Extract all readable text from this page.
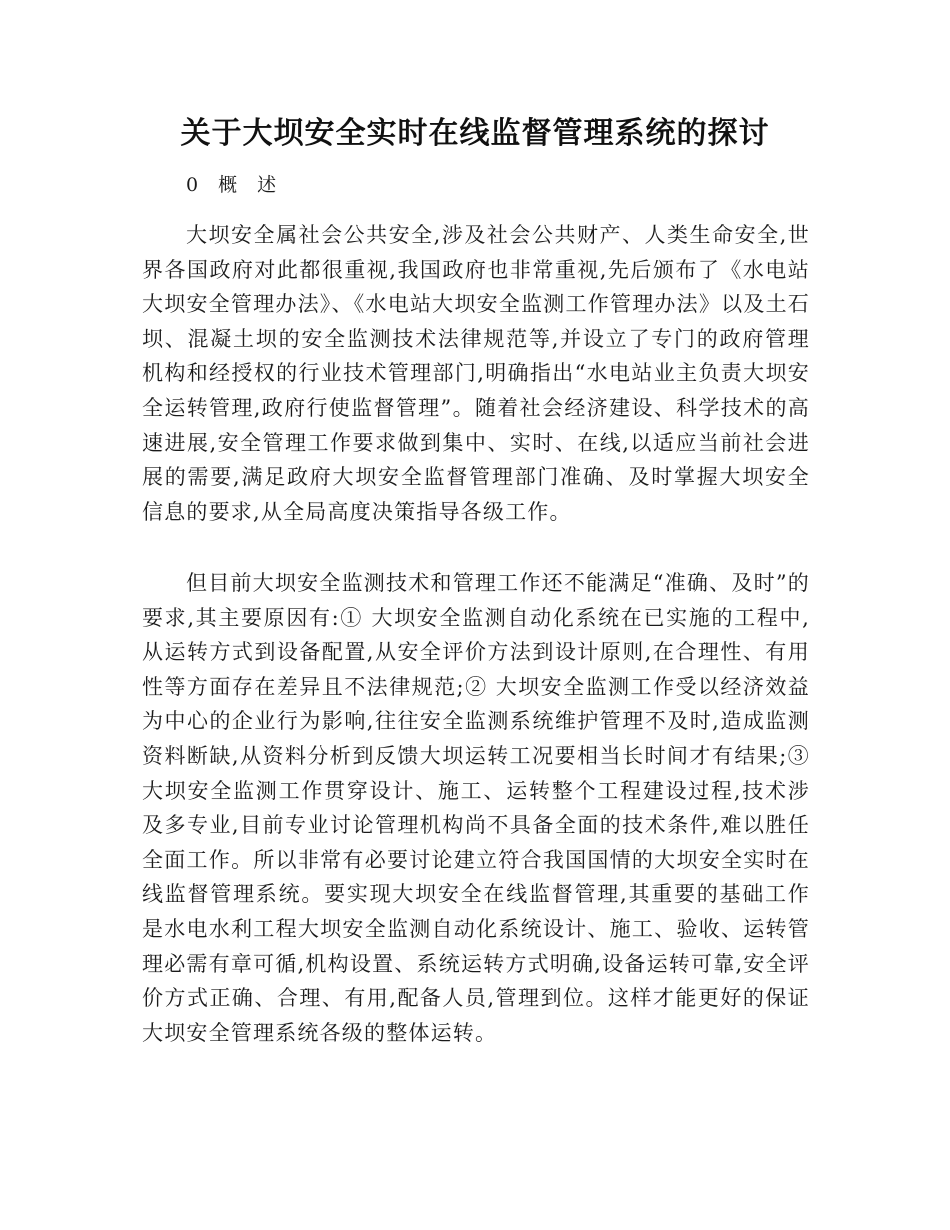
关于大坝安全实时在线监督管理系统的探讨

0 概 述

大坝安全属社会公共安全,涉及社会公共财产、人类生命安全,世界各国政府对此都很重视,我国政府也非常重视,先后颁布了《水电站大坝安全管理办法》、《水电站大坝安全监测工作管理办法》以及土石坝、混凝土坝的安全监测技术法律规范等,并设立了专门的政府管理机构和经授权的行业技术管理部门,明确指出“水电站业主负责大坝安全运转管理,政府行使监督管理”。随着社会经济建设、科学技术的高速进展,安全管理工作要求做到集中、实时、在线,以适应当前社会进展的需要,满足政府大坝安全监督管理部门准确、及时掌握大坝安全信息的要求,从全局高度决策指导各级工作。

但目前大坝安全监测技术和管理工作还不能满足“准确、及时”的要求,其主要原因有:① 大坝安全监测自动化系统在已实施的工程中,从运转方式到设备配置,从安全评价方法到设计原则,在合理性、有用性等方面存在差异且不法律规范;② 大坝安全监测工作受以经济效益为中心的企业行为影响,往往安全监测系统维护管理不及时,造成监测资料断缺,从资料分析到反馈大坝运转工况要相当长时间才有结果;③ 大坝安全监测工作贯穿设计、施工、运转整个工程建设过程,技术涉及多专业,目前专业讨论管理机构尚不具备全面的技术条件,难以胜任全面工作。所以非常有必要讨论建立符合我国国情的大坝安全实时在线监督管理系统。要实现大坝安全在线监督管理,其重要的基础工作是水电水利工程大坝安全监测自动化系统设计、施工、验收、运转管理必需有章可循,机构设置、系统运转方式明确,设备运转可靠,安全评价方式正确、合理、有用,配备人员,管理到位。这样才能更好的保证大坝安全管理系统各级的整体运转。
